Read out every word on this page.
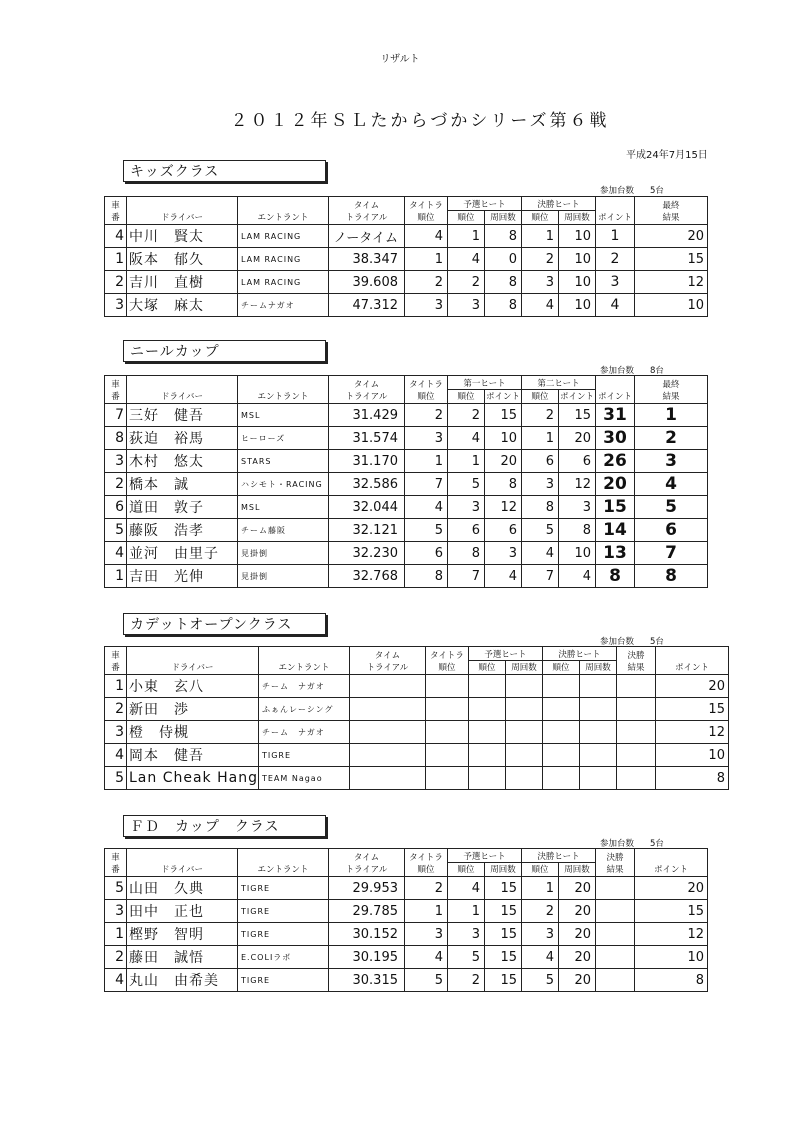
リザルト
２０１２年ＳＬたからづかシリーズ第６戦
平成24年7月15日
キッズクラス
参加台数 5台
車			タイム	タイトラ	予選ヒート		決勝ヒート			最終
番	ドライバー	エントラント	トライアル	順位	順位	周回数	順位	周回数	ポイント	結果
4	中川　賢太	LAM RACING	ノータイム	4	1	8	1	10	1	20
1	阪本　郁久	LAM RACING	38.347	1	4	0	2	10	2	15
2	吉川　直樹	LAM RACING	39.608	2	2	8	3	10	3	12
3	大塚　麻太	チームナガオ	47.312	3	3	8	4	10	4	10
ニールカップ
参加台数 8台
車			タイム	タイトラ	第一ヒート		第二ヒート			最終
番	ドライバー	エントラント	トライアル	順位	順位	ポイント	順位	ポイント	ポイント	結果
7	三好　健吾	MSL	31.429	2	2	15	2	15	31	1
8	荻迫　裕馬	ヒーローズ	31.574	3	4	10	1	20	30	2
3	木村　悠太	STARS	31.170	1	1	20	6	6	26	3
2	橋本　誠	ハシモト・RACING	32.586	7	5	8	3	12	20	4
6	道田　敦子	MSL	32.044	4	3	12	8	3	15	5
5	藤阪　浩孝	チーム藤阪	32.121	5	6	6	5	8	14	6
4	並河　由里子	見掛倒	32.230	6	8	3	4	10	13	7
1	吉田　光伸	見掛倒	32.768	8	7	4	7	4	8	8
カデットオープンクラス
参加台数 5台
車			タイム	タイトラ	予選ヒート		決勝ヒート		決勝	
番	ドライバー	エントラント	トライアル	順位	順位	周回数	順位	周回数	結果	ポイント
1	小東　玄八	チーム　ナガオ								20
2	新田　渉	ふぁんレーシング								15
3	橙　侍槻	チーム　ナガオ								12
4	岡本　健吾	TIGRE								10
5	Lan Cheak Hang	TEAM Nagao								8
ＦＤ　カップ　クラス
参加台数 5台
車			タイム	タイトラ	予選ヒート		決勝ヒート		決勝	
番	ドライバー	エントラント	トライアル	順位	順位	周回数	順位	周回数	結果	ポイント
5	山田　久典	TIGRE	29.953	2	4	15	1	20		20
3	田中　正也	TIGRE	29.785	1	1	15	2	20		15
1	樫野　智明	TIGRE	30.152	3	3	15	3	20		12
2	藤田　誠悟	E.COLIラボ	30.195	4	5	15	4	20		10
4	丸山　由希美	TIGRE	30.315	5	2	15	5	20		8
